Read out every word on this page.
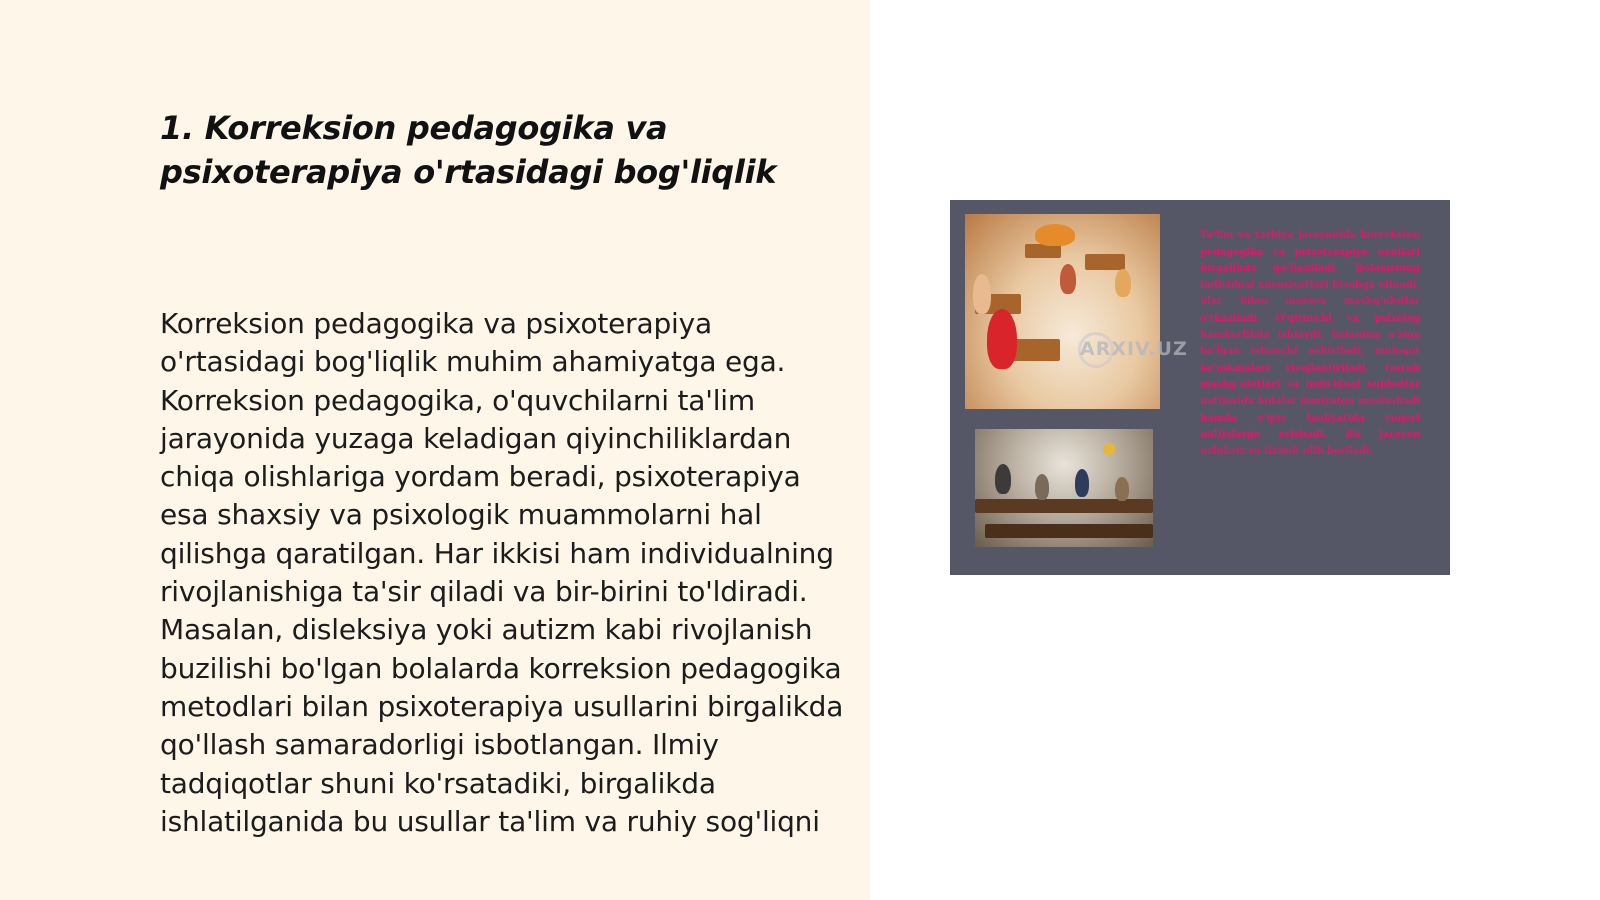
1. Korreksion pedagogika va psixoterapiya o'rtasidagi bog'liqlik

Korreksion pedagogika va psixoterapiya o'rtasidagi bog'liqlik muhim ahamiyatga ega. Korreksion pedagogika, o'quvchilarni ta'lim jarayonida yuzaga keladigan qiyinchiliklardan chiqa olishlariga yordam beradi, psixoterapiya esa shaxsiy va psixologik muammolarni hal qilishga qaratilgan. Har ikkisi ham individualning rivojlanishiga ta'sir qiladi va bir-birini to'ldiradi. Masalan, disleksiya yoki autizm kabi rivojlanish buzilishi bo'lgan bolalarda korreksion pedagogika metodlari bilan psixoterapiya usullarini birgalikda qo'llash samaradorligi isbotlangan. Ilmiy tadqiqotlar shuni ko'rsatadiki, birgalikda ishlatilganida bu usullar ta'lim va ruhiy sog'liqni

ARXIV.UZ

Ta'lim va tarbiya jarayonida korreksion pedagogika va psixoterapiya usullari birgalikda qo'llaniladi. Bolalarning individual xususiyatlari hisobga olinadi, ular bilan maxsus mashg'ulotlar o'tkaziladi. O'qituvchi va psixolog hamkorlikda ishlaydi, bolaning o'ziga bo'lgan ishonchi oshiriladi, muloqot ko'nikmalari rivojlantiriladi. Guruh mashg'ulotlari va individual suhbatlar natijasida bolalar jamiyatga moslashadi hamda o'quv faoliyatida yuqori natijalarga erishadi. Bu jarayon uzluksiz va tizimli olib boriladi.
